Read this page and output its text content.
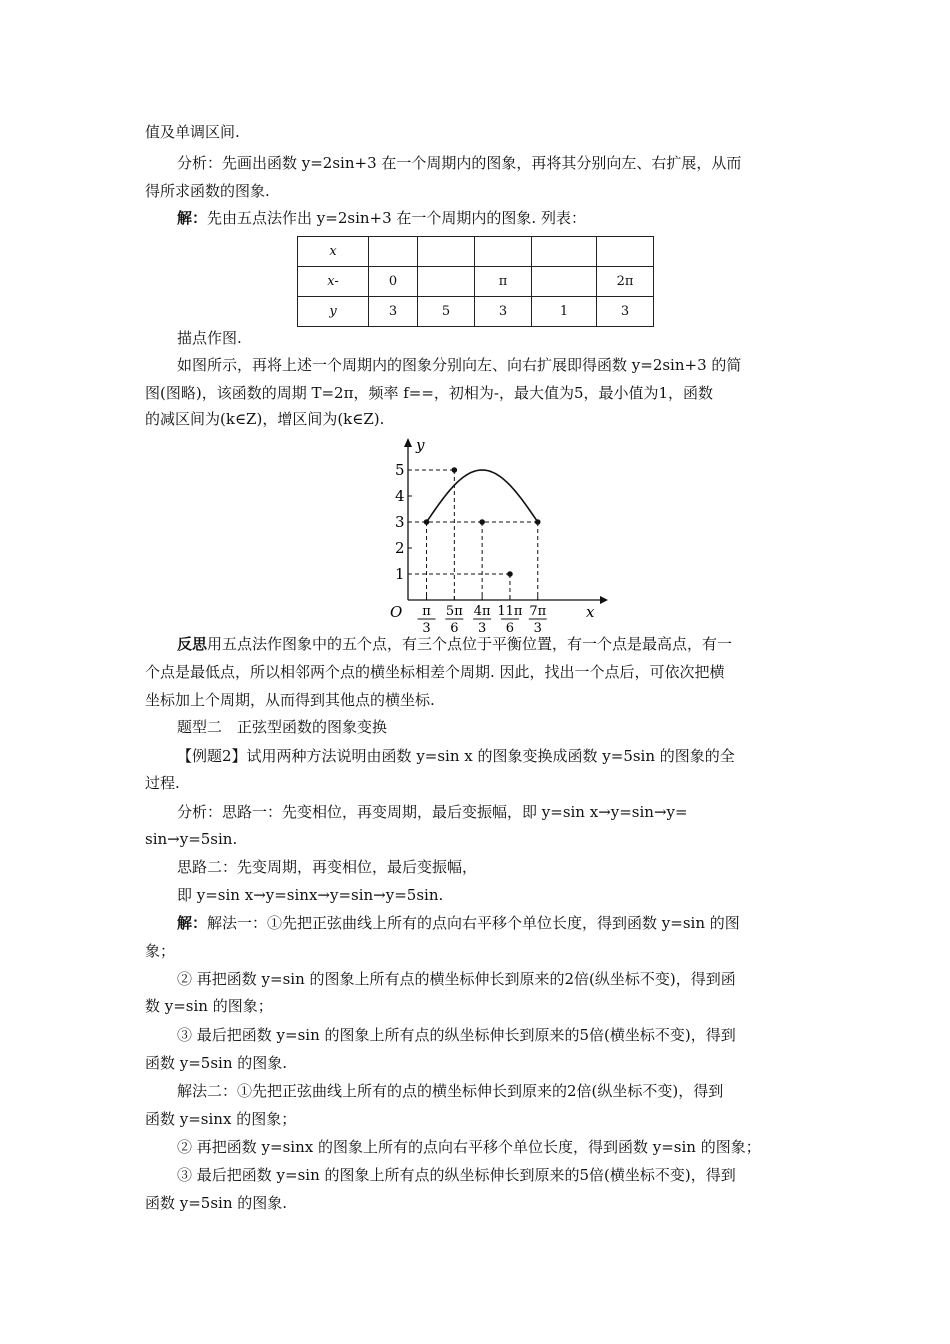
值及单调区间.
分析：先画出函数 y=2sin+3 在一个周期内的图象，再将其分别向左、右扩展，从而
得所求函数的图象.
解：先由五点法作出 y=2sin+3 在一个周期内的图象. 列表：
x					
x-	0		π		2π
y	3	5	3	1	3
描点作图.
如图所示，再将上述一个周期内的图象分别向左、向右扩展即得函数 y=2sin+3 的简
图(图略)，该函数的周期 T=2π，频率 f==，初相为-，最大值为5，最小值为1，函数
的减区间为(k∈Z)，增区间为(k∈Z).
y
x
O
1
2
3
4
5
π
3
5π
6
4π
3
11π
6
7π
3
反思用五点法作图象中的五个点，有三个点位于平衡位置，有一个点是最高点，有一
个点是最低点，所以相邻两个点的横坐标相差个周期. 因此，找出一个点后，可依次把横
坐标加上个周期，从而得到其他点的横坐标.
题型二　正弦型函数的图象变换
【例题2】试用两种方法说明由函数 y=sin x 的图象变换成函数 y=5sin 的图象的全
过程.
分析：思路一：先变相位，再变周期，最后变振幅，即 y=sin x→y=sin→y=
sin→y=5sin.
思路二：先变周期，再变相位，最后变振幅，
即 y=sin x→y=sinx→y=sin→y=5sin.
解：解法一：①先把正弦曲线上所有的点向右平移个单位长度，得到函数 y=sin 的图
象；
② 再把函数 y=sin 的图象上所有点的横坐标伸长到原来的2倍(纵坐标不变)，得到函
数 y=sin 的图象；
③ 最后把函数 y=sin 的图象上所有点的纵坐标伸长到原来的5倍(横坐标不变)，得到
函数 y=5sin 的图象.
解法二：①先把正弦曲线上所有的点的横坐标伸长到原来的2倍(纵坐标不变)，得到
函数 y=sinx 的图象；
② 再把函数 y=sinx 的图象上所有的点向右平移个单位长度，得到函数 y=sin 的图象；
③ 最后把函数 y=sin 的图象上所有点的纵坐标伸长到原来的5倍(横坐标不变)，得到
函数 y=5sin 的图象.
